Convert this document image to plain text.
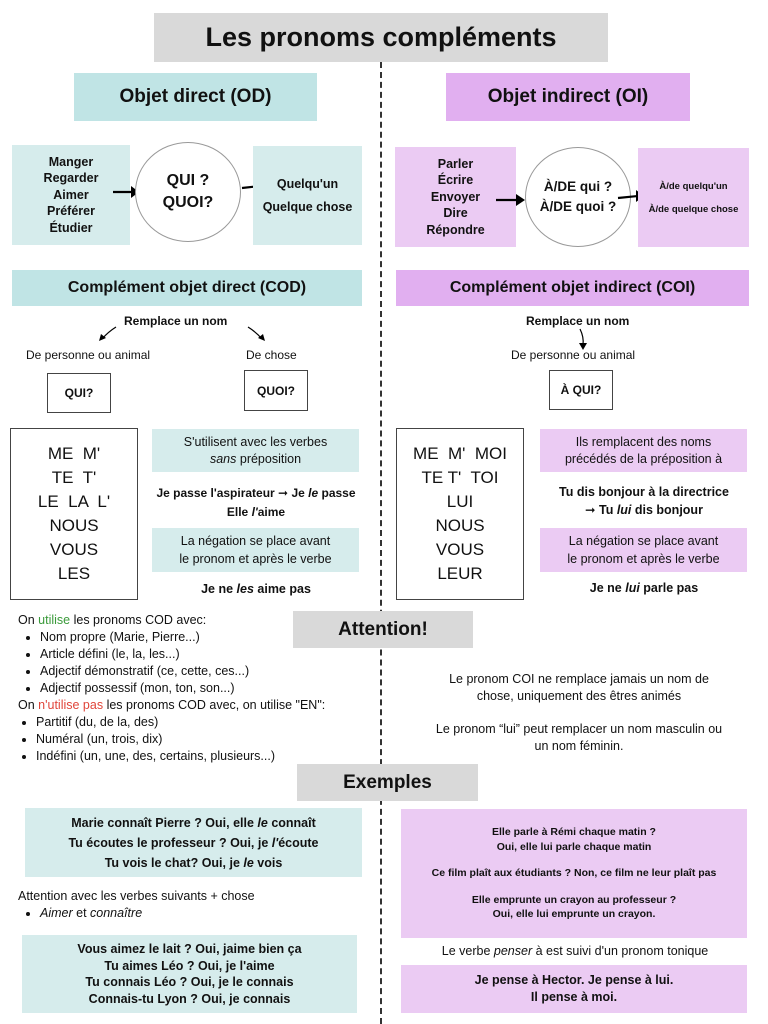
Les pronoms compléments
Objet direct (OD)	Objet indirect (OI)
Manger
Regarder
Aimer
Préférer
Étudier
QUI ?
QUOI?
Quelqu'un
Quelque chose
Parler
Écrire
Envoyer
Dire
Répondre
À/DE qui ?
À/DE quoi ?
À/de quelqu'un
À/de quelque chose
Complément objet direct (COD)	Complément objet indirect (COI)
Remplace un nom
De personne ou animal	De chose
QUI?	QUOI?
ME  M'
TE  T'
LE  LA  L'
NOUS
VOUS
LES
S'utilisent avec les verbes
sans préposition
Je passe l'aspirateur ➞ Je le passe
Elle l'aime
La négation se place avant
le pronom et après le verbe
Je ne les aime pas
Remplace un nom
De personne ou animal
À QUI?
ME  M'  MOI
TE T'  TOI
LUI
NOUS
VOUS
LEUR
Ils remplacent des noms
précédés de la préposition à
Tu dis bonjour à la directrice
➞ Tu lui dis bonjour
La négation se place avant
le pronom et après le verbe
Je ne lui parle pas
Attention!
On utilise les pronoms COD avec:
• Nom propre (Marie, Pierre...)
• Article défini (le, la, les...)
• Adjectif démonstratif (ce, cette, ces...)
• Adjectif possessif (mon, ton, son...)
On n'utilise pas les pronoms COD avec, on utilise "EN":
• Partitif (du, de la, des)
• Numéral (un, trois, dix)
• Indéfini (un, une, des, certains, plusieurs...)
Le pronom COI ne remplace jamais un nom de
chose, uniquement des êtres animés
Le pronom “lui” peut remplacer un nom masculin ou
un nom féminin.
Exemples
Marie connaît Pierre ? Oui, elle le connaît
Tu écoutes le professeur ? Oui, je l'écoute
Tu vois le chat? Oui, je le vois
Attention avec les verbes suivants + chose
• Aimer et connaître
Vous aimez le lait ? Oui, jaime bien ça
Tu aimes Léo ? Oui, je l'aime
Tu connais Léo ? Oui, je le connais
Connais-tu Lyon ? Oui, je connais
Elle parle à Rémi chaque matin ?
Oui, elle lui parle chaque matin
Ce film plaît aux étudiants ? Non, ce film ne leur plaît pas
Elle emprunte un crayon au professeur ?
Oui, elle lui emprunte un crayon.
Le verbe penser à est suivi d'un pronom tonique
Je pense à Hector. Je pense à lui.
Il pense à moi.
